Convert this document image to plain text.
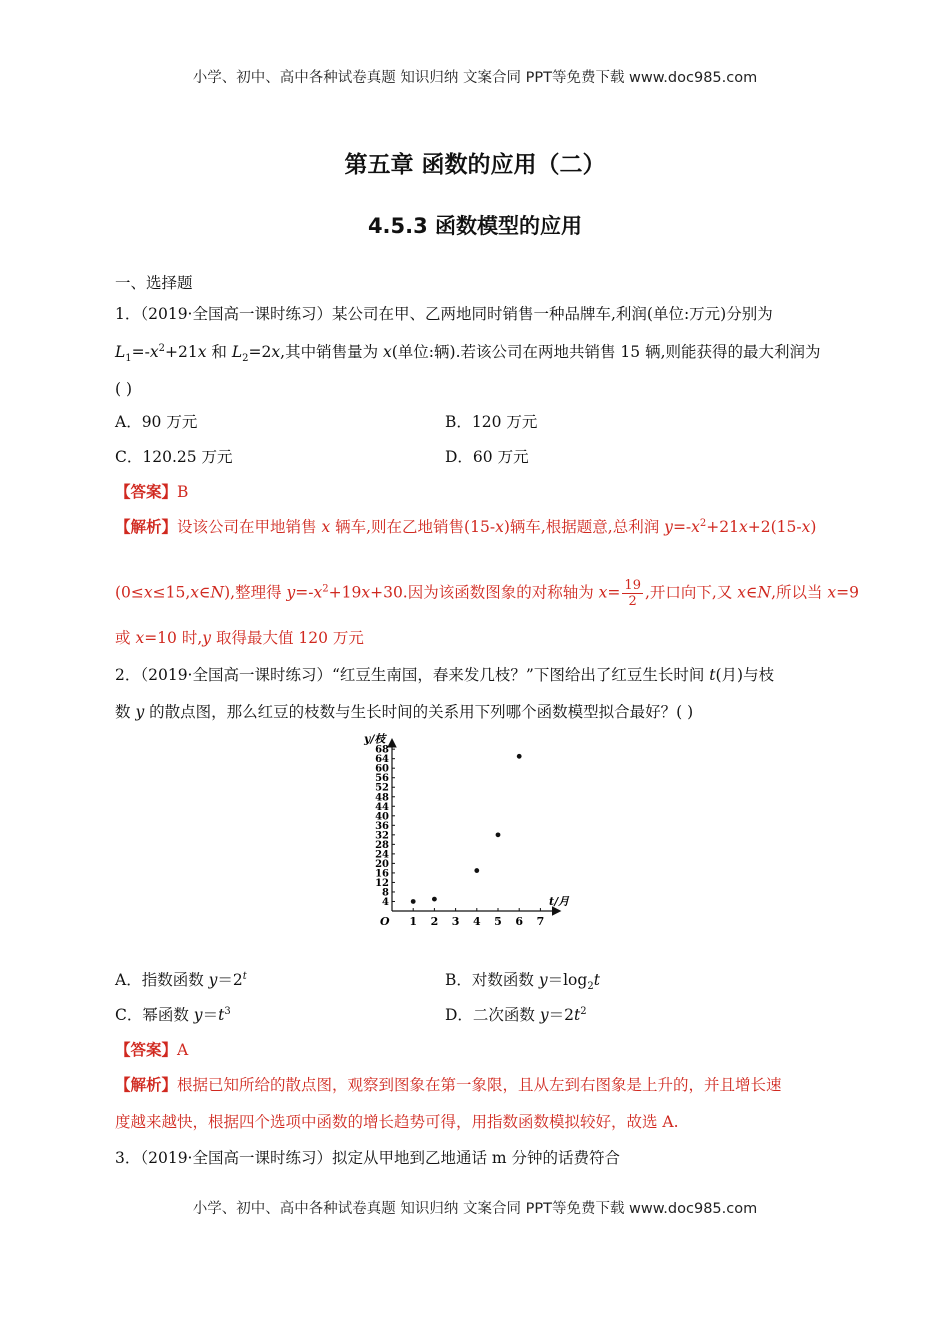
小学、初中、高中各种试卷真题 知识归纳 文案合同 PPT等免费下载 www.doc985.com
第五章 函数的应用（二）
4.5.3 函数模型的应用
一、选择题
1．（2019·全国高一课时练习）某公司在甲、乙两地同时销售一种品牌车,利润(单位:万元)分别为
$L_1=-x^2+21x$ 和 $L_2=2x$,其中销售量为 x(单位:辆).若该公司在两地共销售 15 辆,则能获得的最大利润为
( )
A．90 万元	B．120 万元
C．120.25 万元	D．60 万元
【答案】B
【解析】设该公司在甲地销售 x 辆车,则在乙地销售(15-x)辆车,根据题意,总利润 $y=-x^2+21x+2(15-x)$
(0≤x≤15,x∈N),整理得 $y=-x^2+19x+30$.因为该函数图象的对称轴为 $x= \frac{19}{2}$ ,开口向下,又 x∈N,所以当 x=9
或 x=10 时,y 取得最大值 120 万元
2．（2019·全国高一课时练习）“红豆生南国，春来发几枝？”下图给出了红豆生长时间 t(月)与枝
数 y 的散点图，那么红豆的枝数与生长时间的关系用下列哪个函数模型拟合最好？( )
y/枝
t/月
O 1 2 3 4 5 6 7
4
8
12
16
20
24
28
32
36
40
44
48
52
56
60
64
68
A．指数函数 $y=2^t$	B．对数函数 $y=\log_2t$
C．幂函数 $y=t^3$	D．二次函数 $y=2t^2$
【答案】A
【解析】根据已知所给的散点图，观察到图象在第一象限，且从左到右图象是上升的，并且增长速
度越来越快，根据四个选项中函数的增长趋势可得，用指数函数模拟较好，故选 A.
3．（2019·全国高一课时练习）拟定从甲地到乙地通话 m 分钟的话费符合
小学、初中、高中各种试卷真题 知识归纳 文案合同 PPT等免费下载 www.doc985.com
